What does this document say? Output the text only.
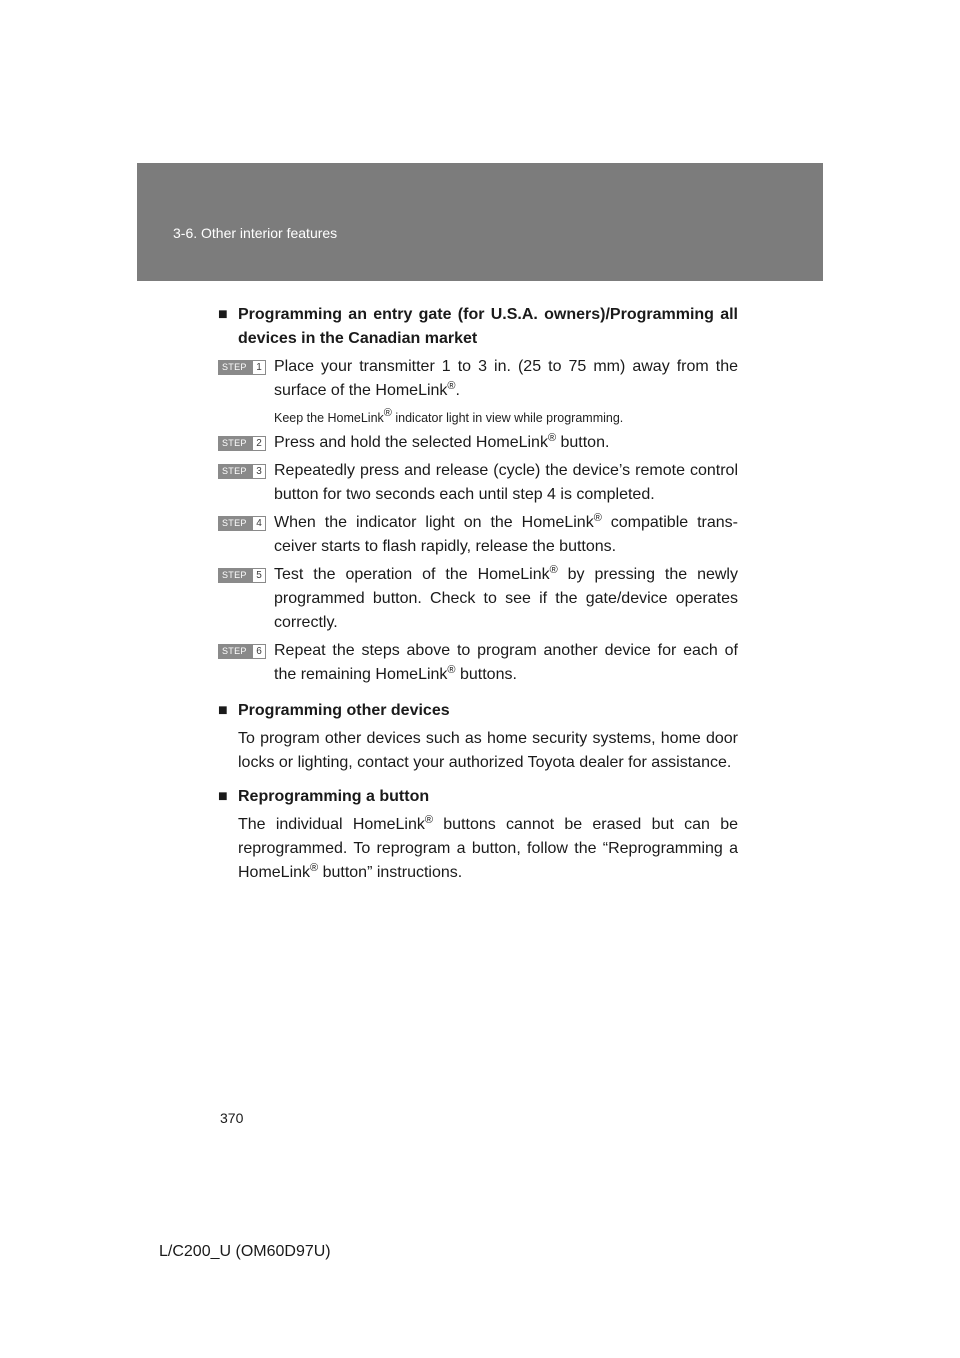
3-6. Other interior features
■ Programming an entry gate (for U.S.A. owners)/Programming all devices in the Canadian market
STEP 1 Place your transmitter 1 to 3 in. (25 to 75 mm) away from the surface of the HomeLink®.
Keep the HomeLink® indicator light in view while programming.
STEP 2 Press and hold the selected HomeLink® button.
STEP 3 Repeatedly press and release (cycle) the device’s remote control button for two seconds each until step 4 is completed.
STEP 4 When the indicator light on the HomeLink® compatible trans-ceiver starts to flash rapidly, release the buttons.
STEP 5 Test the operation of the HomeLink® by pressing the newly programmed button. Check to see if the gate/device operates correctly.
STEP 6 Repeat the steps above to program another device for each of the remaining HomeLink® buttons.
■ Programming other devices
To program other devices such as home security systems, home door locks or lighting, contact your authorized Toyota dealer for assistance.
■ Reprogramming a button
The individual HomeLink® buttons cannot be erased but can be reprogrammed. To reprogram a button, follow the “Reprogramming a HomeLink® button” instructions.
370
L/C200_U (OM60D97U)
